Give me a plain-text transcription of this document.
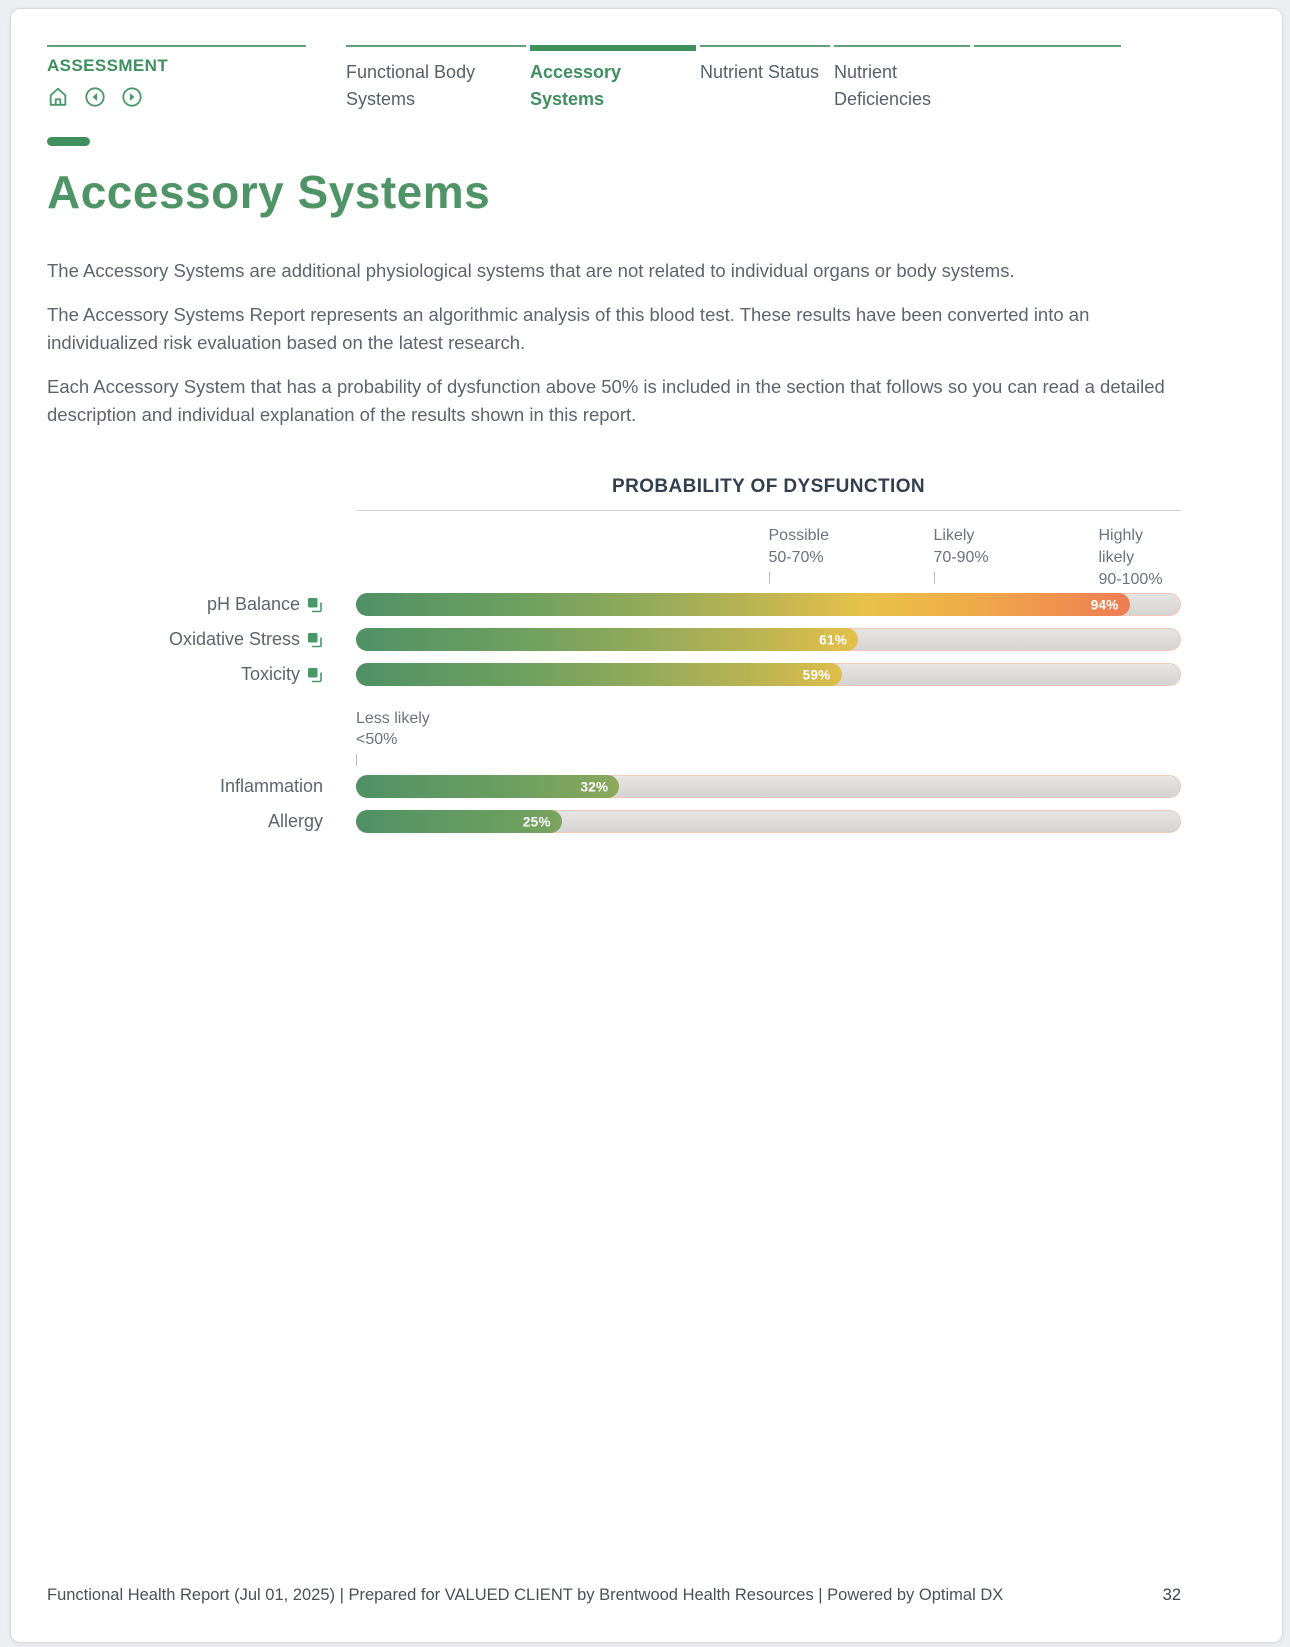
ASSESSMENT	Functional Body Systems
Accessory Systems
Nutrient Status Nutrient Deficiencies
Accessory Systems

The Accessory Systems are additional physiological systems that are not related to individual organs or body systems.

The Accessory Systems Report represents an algorithmic analysis of this blood test. These results have been converted into an individualized risk evaluation based on the latest research.

Each Accessory System that has a probability of dysfunction above 50% is included in the section that follows so you can read a detailed description and individual explanation of the results shown in this report.

PROBABILITY OF DYSFUNCTION
Possible
50-70%
Likely
70-90%
Highly likely
90-100%
pH Balance	94%
Oxidative Stress	61%
Toxicity	59%
Less likely
<50%
Inflammation	32%
Allergy	25%
Functional Health Report (Jul 01, 2025) | Prepared for VALUED CLIENT by Brentwood Health Resources | Powered by Optimal DX	32
